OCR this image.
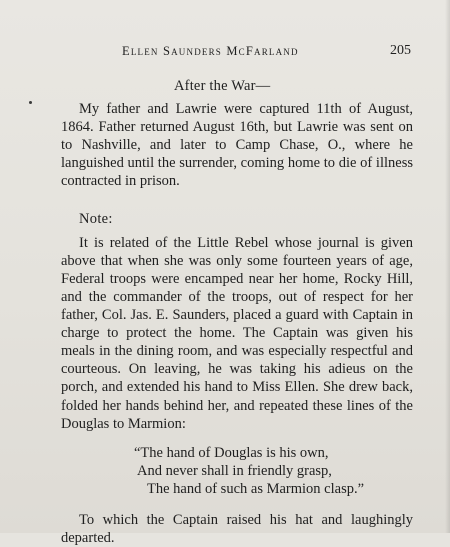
Ellen Saunders McFarland	205
After the War—

My father and Lawrie were captured 11th of August, 1864. Father returned August 16th, but Lawrie was sent on to Nashville, and later to Camp Chase, O., where he languished until the surrender, coming home to die of illness contracted in prison.

Note:

It is related of the Little Rebel whose journal is given above that when she was only some fourteen years of age, Federal troops were encamped near her home, Rocky Hill, and the commander of the troops, out of respect for her father, Col. Jas. E. Saunders, placed a guard with Captain in charge to protect the home. The Captain was given his meals in the dining room, and was especially respectful and courteous. On leaving, he was taking his adieus on the porch, and extended his hand to Miss Ellen. She drew back, folded her hands behind her, and repeated these lines of the Douglas to Marmion:

“The hand of Douglas is his own,
And never shall in friendly grasp,
The hand of such as Marmion clasp.”

To which the Captain raised his hat and laughingly departed.
